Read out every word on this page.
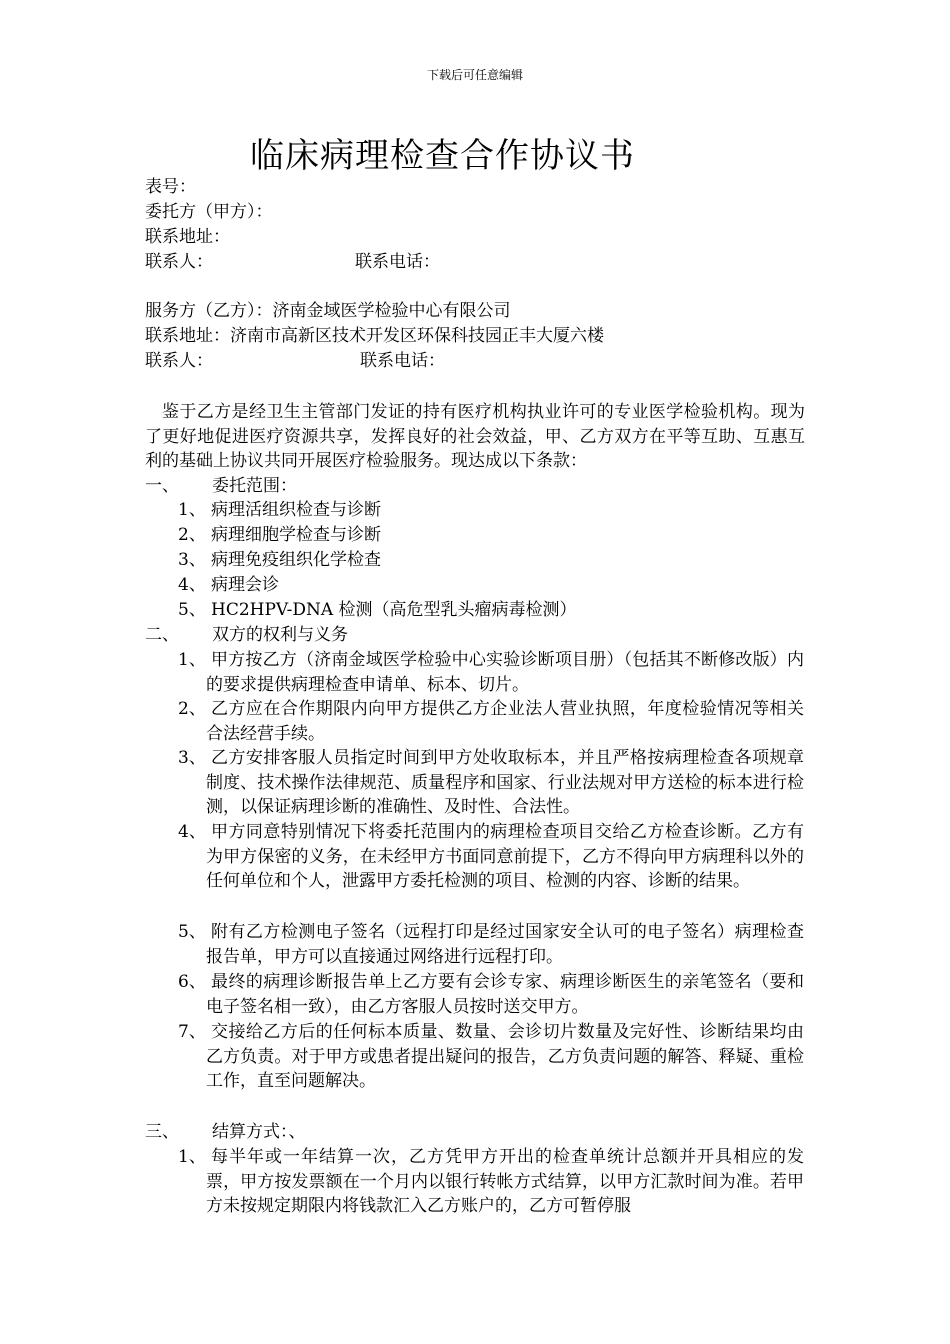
下载后可任意编辑
临床病理检查合作协议书
表号：
委托方（甲方）：
联系地址：
联系人：	联系电话：
服务方（乙方）：济南金域医学检验中心有限公司
联系地址：济南市高新区技术开发区环保科技园正丰大厦六楼
联系人：	联系电话：
鉴于乙方是经卫生主管部门发证的持有医疗机构执业许可的专业医学检验机构。现为了更好地促进医疗资源共享，发挥良好的社会效益，甲、乙方双方在平等互助、互惠互利的基础上协议共同开展医疗检验服务。现达成以下条款：
一、 委托范围：
1、 病理活组织检查与诊断
2、 病理细胞学检查与诊断
3、 病理免疫组织化学检查
4、 病理会诊
5、 HC2HPV-DNA 检测（高危型乳头瘤病毒检测）
二、 双方的权利与义务
1、 甲方按乙方（济南金域医学检验中心实验诊断项目册）（包括其不断修改版）内的要求提供病理检查申请单、标本、切片。
2、 乙方应在合作期限内向甲方提供乙方企业法人营业执照，年度检验情况等相关合法经营手续。
3、 乙方安排客服人员指定时间到甲方处收取标本，并且严格按病理检查各项规章制度、技术操作法律规范、质量程序和国家、行业法规对甲方送检的标本进行检测，以保证病理诊断的准确性、及时性、合法性。
4、 甲方同意特别情况下将委托范围内的病理检查项目交给乙方检查诊断。乙方有为甲方保密的义务，在未经甲方书面同意前提下，乙方不得向甲方病理科以外的任何单位和个人，泄露甲方委托检测的项目、检测的内容、诊断的结果。
5、 附有乙方检测电子签名（远程打印是经过国家安全认可的电子签名）病理检查报告单，甲方可以直接通过网络进行远程打印。
6、 最终的病理诊断报告单上乙方要有会诊专家、病理诊断医生的亲笔签名（要和电子签名相一致），由乙方客服人员按时送交甲方。
7、 交接给乙方后的任何标本质量、数量、会诊切片数量及完好性、诊断结果均由乙方负责。对于甲方或患者提出疑问的报告，乙方负责问题的解答、释疑、重检工作，直至问题解决。
三、 结算方式：、
1、 每半年或一年结算一次，乙方凭甲方开出的检查单统计总额并开具相应的发票，甲方按发票额在一个月内以银行转帐方式结算，以甲方汇款时间为准。若甲方未按规定期限内将钱款汇入乙方账户的，乙方可暂停服
